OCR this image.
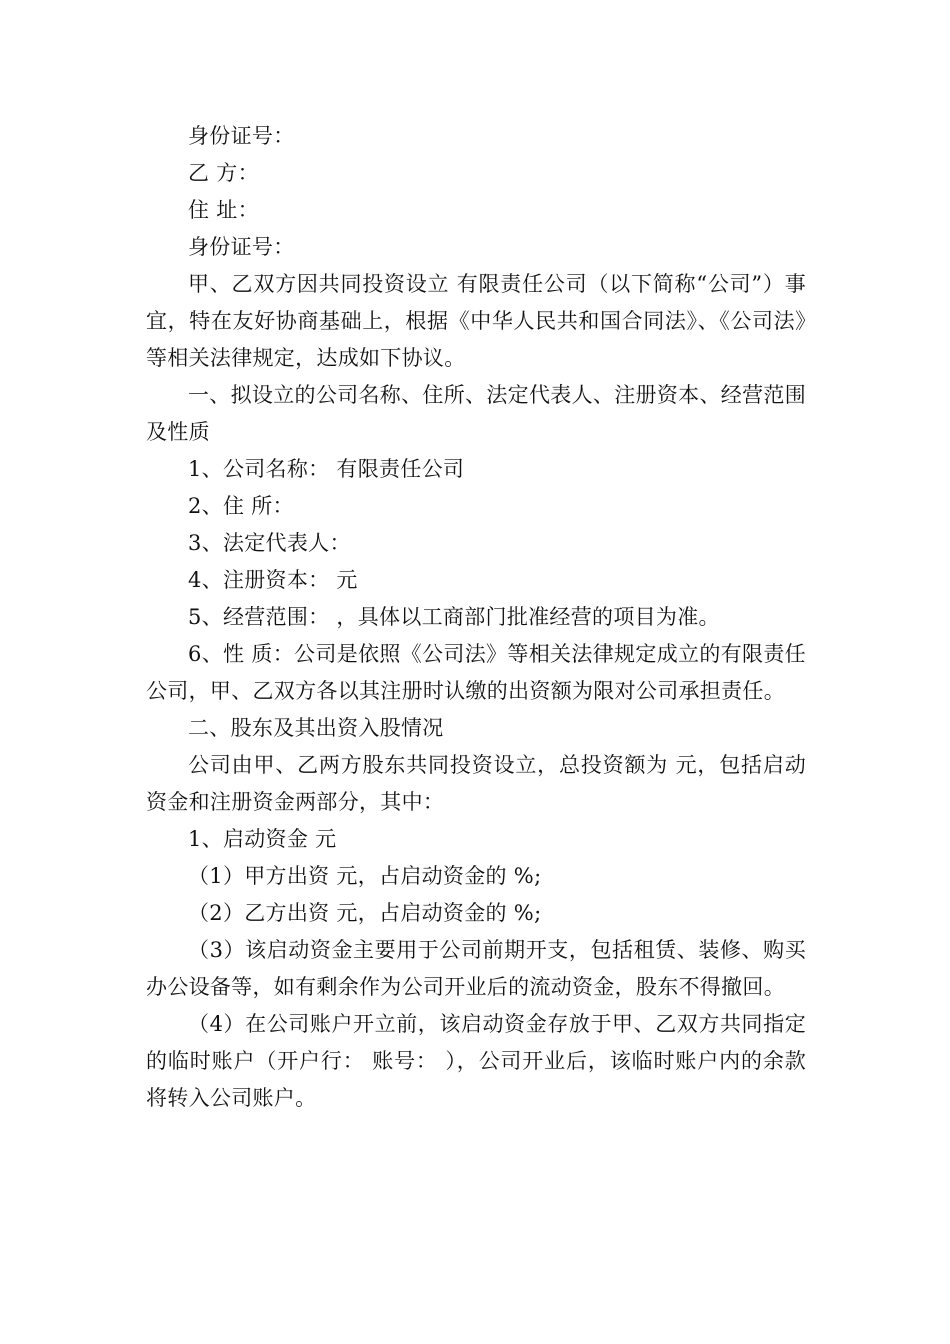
身份证号：

乙 方：

住 址：

身份证号：

甲、乙双方因共同投资设立 有限责任公司（以下简称“公司”）事宜，特在友好协商基础上，根据《中华人民共和国合同法》、《公司法》等相关法律规定，达成如下协议。

一、拟设立的公司名称、住所、法定代表人、注册资本、经营范围及性质

1、公司名称： 有限责任公司

2、住 所：

3、法定代表人：

4、注册资本： 元

5、经营范围： ，具体以工商部门批准经营的项目为准。

6、性 质：公司是依照《公司法》等相关法律规定成立的有限责任公司，甲、乙双方各以其注册时认缴的出资额为限对公司承担责任。

二、股东及其出资入股情况

公司由甲、乙两方股东共同投资设立，总投资额为 元，包括启动资金和注册资金两部分，其中：

1、启动资金 元

（1）甲方出资 元，占启动资金的 %;

（2）乙方出资 元，占启动资金的 %;

（3）该启动资金主要用于公司前期开支，包括租赁、装修、购买办公设备等，如有剩余作为公司开业后的流动资金，股东不得撤回。

（4）在公司账户开立前，该启动资金存放于甲、乙双方共同指定的临时账户（开户行： 账号： ），公司开业后，该临时账户内的余款将转入公司账户。
